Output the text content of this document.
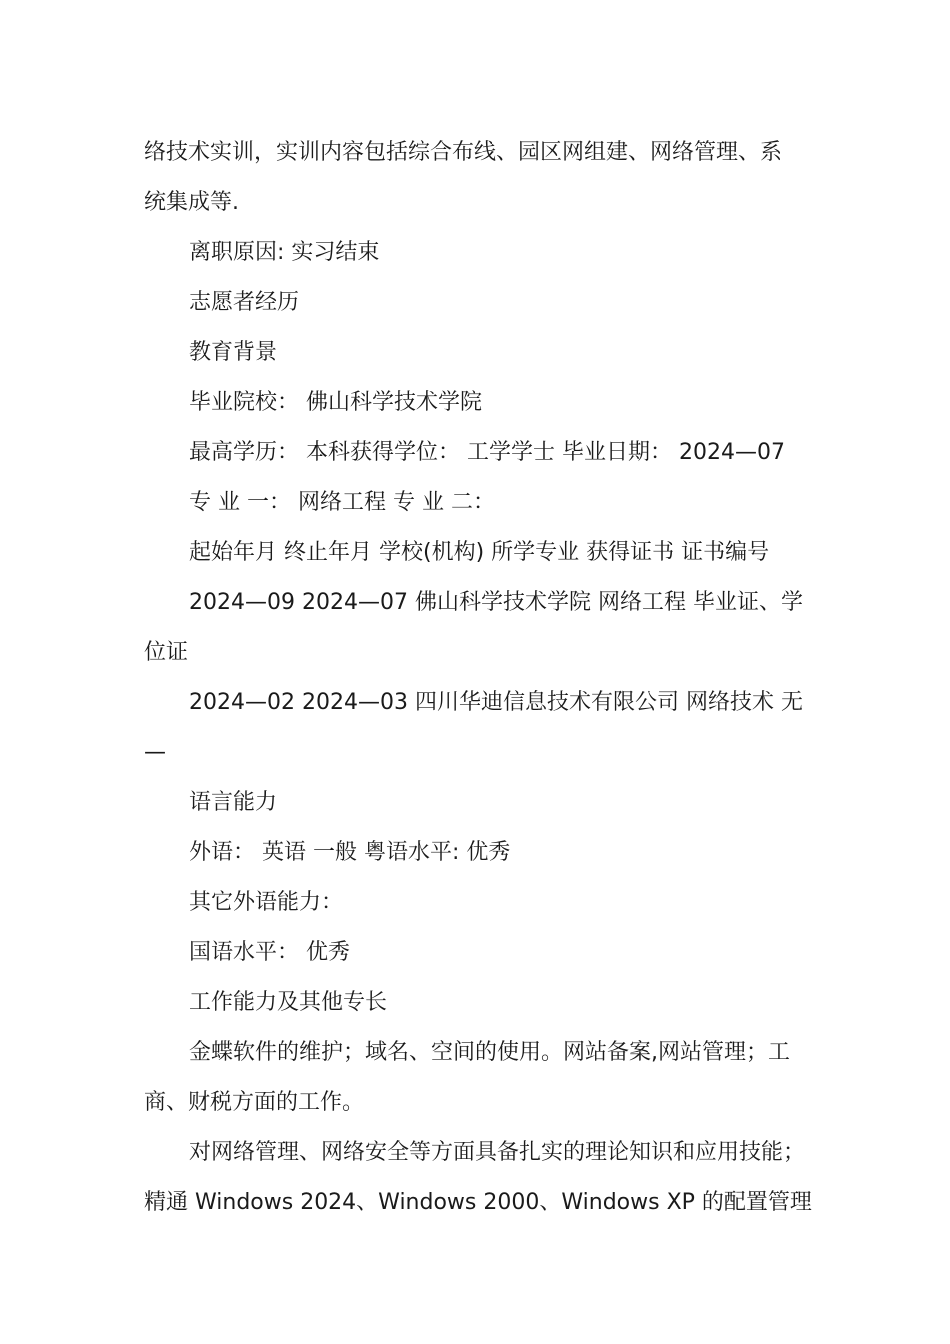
络技术实训，实训内容包括综合布线、园区网组建、网络管理、系
统集成等.
离职原因: 实习结束
志愿者经历
教育背景
毕业院校： 佛山科学技术学院
最高学历： 本科获得学位： 工学学士 毕业日期： 2024—07
专 业 一： 网络工程 专 业 二：
起始年月 终止年月 学校(机构) 所学专业 获得证书 证书编号
2024—09 2024—07 佛山科学技术学院 网络工程 毕业证、学
位证
2024—02 2024—03 四川华迪信息技术有限公司 网络技术 无
—
语言能力
外语： 英语 一般 粤语水平: 优秀
其它外语能力：
国语水平： 优秀
工作能力及其他专长
金蝶软件的维护；域名、空间的使用。网站备案,网站管理；工
商、财税方面的工作。
对网络管理、网络安全等方面具备扎实的理论知识和应用技能；
精通 Windows 2024、Windows 2000、Windows XP 的配置管理
